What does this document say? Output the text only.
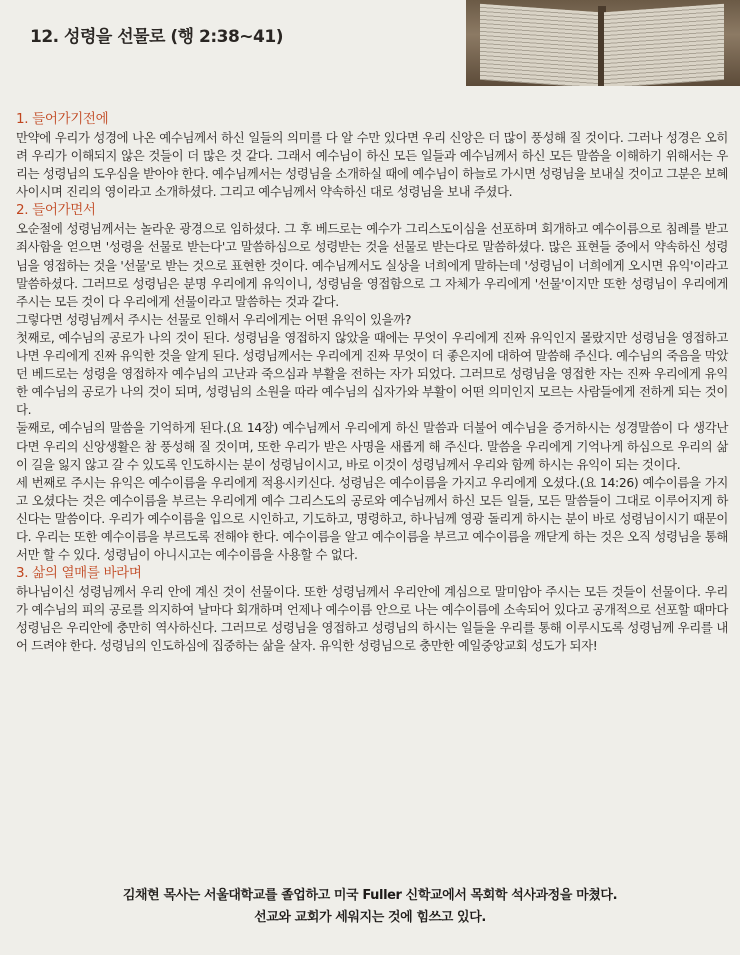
12. 성령을 선물로 (행 2:38~41)
1. 들어가기전에

만약에 우리가 성경에 나온 예수님께서 하신 일들의 의미를 다 알 수만 있다면 우리 신앙은 더 많이 풍성해 질 것이다. 그러나 성경은 오히려 우리가 이해되지 않은 것들이 더 많은 것 같다. 그래서 예수님이 하신 모든 일들과 예수님께서 하신 모든 말씀을 이해하기 위해서는 우리는 성령님의 도우심을 받아야 한다. 예수님께서는 성령님을 소개하실 때에 예수님이 하늘로 가시면 성령님을 보내실 것이고 그분은 보혜사이시며 진리의 영이라고 소개하셨다. 그리고 예수님께서 약속하신 대로 성령님을 보내 주셨다.

2. 들어가면서

오순절에 성령님께서는 놀라운 광경으로 임하셨다. 그 후 베드로는 예수가 그리스도이심을 선포하며 회개하고 예수이름으로 침례를 받고 죄사함을 얻으면 '성령을 선물로 받는다'고 말씀하심으로 성령받는 것을 선물로 받는다로 말씀하셨다. 많은 표현들 중에서 약속하신 성령님을 영접하는 것을 '선물'로 받는 것으로 표현한 것이다. 예수님께서도 실상을 너희에게 말하는데 '성령님이 너희에게 오시면 유익'이라고 말씀하셨다. 그러므로 성령님은 분명 우리에게 유익이니, 성령님을 영접함으로 그 자체가 우리에게 '선물'이지만 또한 성령님이 우리에게 주시는 모든 것이 다 우리에게 선물이라고 말씀하는 것과 같다.

그렇다면 성령님께서 주시는 선물로 인해서 우리에게는 어떤 유익이 있을까?

첫째로, 예수님의 공로가 나의 것이 된다. 성령님을 영접하지 않았을 때에는 무엇이 우리에게 진짜 유익인지 몰랐지만 성령님을 영접하고 나면 우리에게 진짜 유익한 것을 알게 된다. 성령님께서는 우리에게 진짜 무엇이 더 좋은지에 대하여 말씀해 주신다. 예수님의 죽음을 막았던 베드로는 성령을 영접하자 예수님의 고난과 죽으심과 부활을 전하는 자가 되었다. 그러므로 성령님을 영접한 자는 진짜 우리에게 유익한 예수님의 공로가 나의 것이 되며, 성령님의 소원을 따라 예수님의 십자가와 부활이 어떤 의미인지 모르는 사람들에게 전하게 되는 것이다.

둘째로, 예수님의 말씀을 기억하게 된다.(요 14장) 예수님께서 우리에게 하신 말씀과 더불어 예수님을 증거하시는 성경말씀이 다 생각난다면 우리의 신앙생활은 참 풍성해 질 것이며, 또한 우리가 받은 사명을 새롭게 해 주신다. 말씀을 우리에게 기억나게 하심으로 우리의 삶이 길을 잃지 않고 갈 수 있도록 인도하시는 분이 성령님이시고, 바로 이것이 성령님께서 우리와 함께 하시는 유익이 되는 것이다.

세 번째로 주시는 유익은 예수이름을 우리에게 적용시키신다. 성령님은 예수이름을 가지고 우리에게 오셨다.(요 14:26) 예수이름을 가지고 오셨다는 것은 예수이름을 부르는 우리에게 예수 그리스도의 공로와 예수님께서 하신 모든 일들, 모든 말씀들이 그대로 이루어지게 하신다는 말씀이다. 우리가 예수이름을 입으로 시인하고, 기도하고, 명령하고, 하나님께 영광 돌리게 하시는 분이 바로 성령님이시기 때문이다. 우리는 또한 예수이름을 부르도록 전해야 한다. 예수이름을 알고 예수이름을 부르고 예수이름을 깨닫게 하는 것은 오직 성령님을 통해서만 할 수 있다. 성령님이 아니시고는 예수이름을 사용할 수 없다.

3. 삶의 열매를 바라며

하나님이신 성령님께서 우리 안에 계신 것이 선물이다. 또한 성령님께서 우리안에 계심으로 말미암아 주시는 모든 것들이 선물이다. 우리가 예수님의 피의 공로를 의지하여 날마다 회개하며 언제나 예수이름 안으로 나는 예수이름에 소속되어 있다고 공개적으로 선포할 때마다 성령님은 우리안에 충만히 역사하신다. 그러므로 성령님을 영접하고 성령님의 하시는 일들을 우리를 통해 이루시도록 성령님께 우리를 내어 드려야 한다. 성령님의 인도하심에 집중하는 삶을 살자. 유익한 성령님으로 충만한 예일중앙교회 성도가 되자!

김채현 목사는 서울대학교를 졸업하고 미국 Fuller 신학교에서 목회학 석사과정을 마쳤다.
선교와 교회가 세워지는 것에 힘쓰고 있다.
